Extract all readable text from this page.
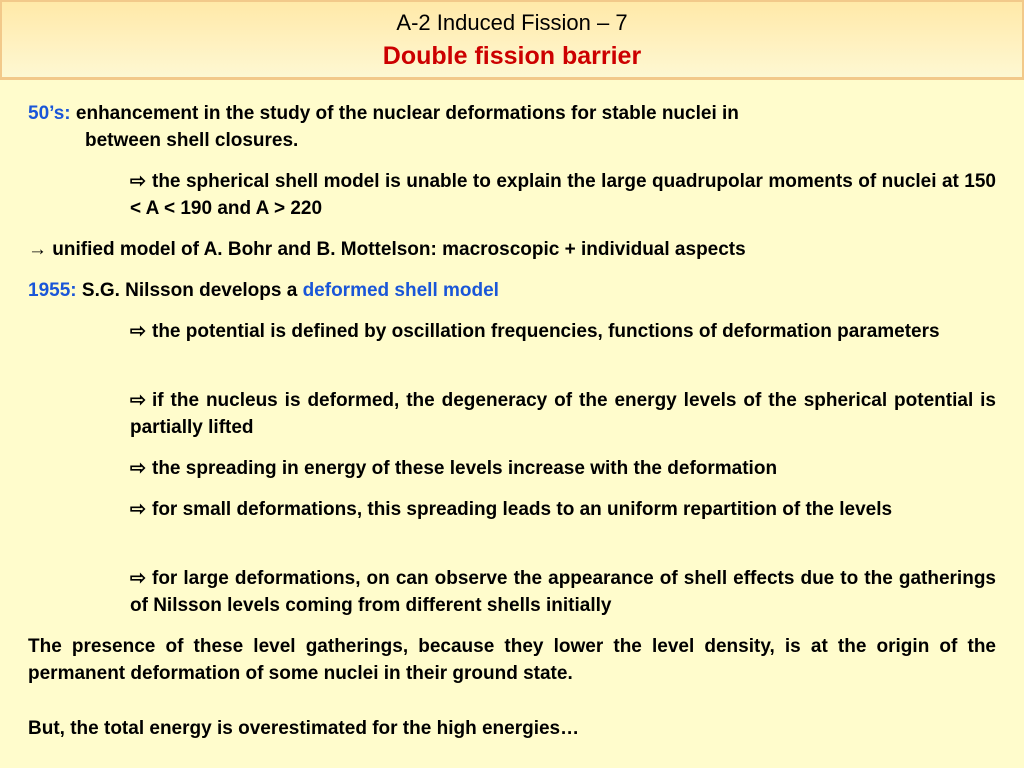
A-2 Induced Fission – 7
Double fission barrier
50’s: enhancement in the study of the nuclear deformations for stable nuclei in
between shell closures.
⇨ the spherical shell model is unable to explain the large quadrupolar moments of nuclei at 150 < A < 190 and A > 220
→ unified model of A. Bohr and B. Mottelson: macroscopic + individual aspects
1955: S.G. Nilsson develops a deformed shell model
⇨ the potential is defined by oscillation frequencies, functions of deformation parameters
⇨ if the nucleus is deformed, the degeneracy of the energy levels of the spherical potential is partially lifted
⇨ the spreading in energy of these levels increase with the deformation
⇨ for small deformations, this spreading leads to an uniform repartition of the levels
⇨ for large deformations, on can observe the appearance of shell effects due to the gatherings of Nilsson levels coming from different shells initially
The presence of these level gatherings, because they lower the level density, is at the origin of the permanent deformation of some nuclei in their ground state.
But, the total energy is overestimated for the high energies…
